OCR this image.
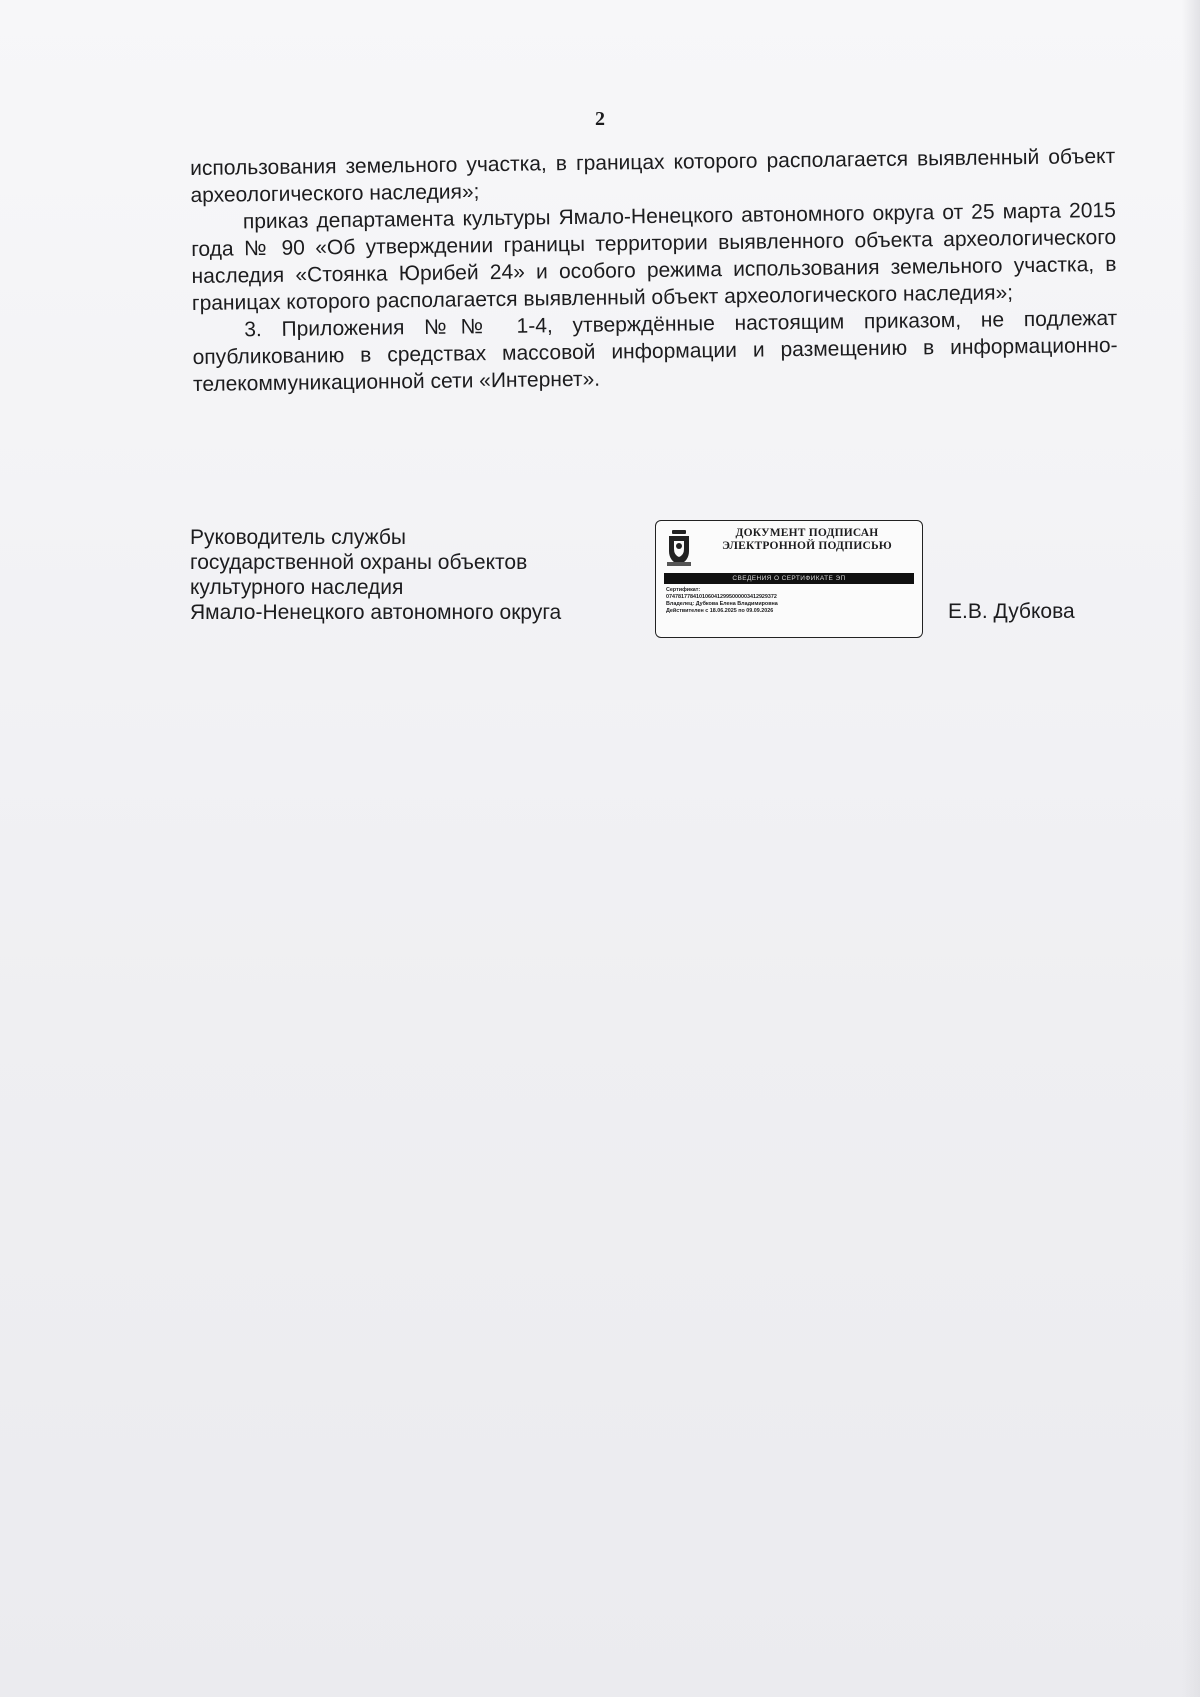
2

использования земельного участка, в границах которого располагается выявленный объект археологического наследия»;

приказ департамента культуры Ямало-Ненецкого автономного округа от 25 марта 2015 года № 90 «Об утверждении границы территории выявленного объекта археологического наследия «Стоянка Юрибей 24» и особого режима использования земельного участка, в границах которого располагается выявленный объект археологического наследия»;

3. Приложения №№ 1-4, утверждённые настоящим приказом, не подлежат опубликованию в средствах массовой информации и размещению в информационно-телекоммуникационной сети «Интернет».

Руководитель службы
государственной охраны объектов
культурного наследия
Ямало-Ненецкого автономного округа
ДОКУМЕНТ ПОДПИСАН
ЭЛЕКТРОННОЙ ПОДПИСЬЮ
СВЕДЕНИЯ О СЕРТИФИКАТЕ ЭП
Сертификат:
0747817784101060412995000003412929372
Владелец: Дубкова Елена Владимировна
Действителен с 18.06.2025 по 09.09.2026	Е.В. Дубкова
